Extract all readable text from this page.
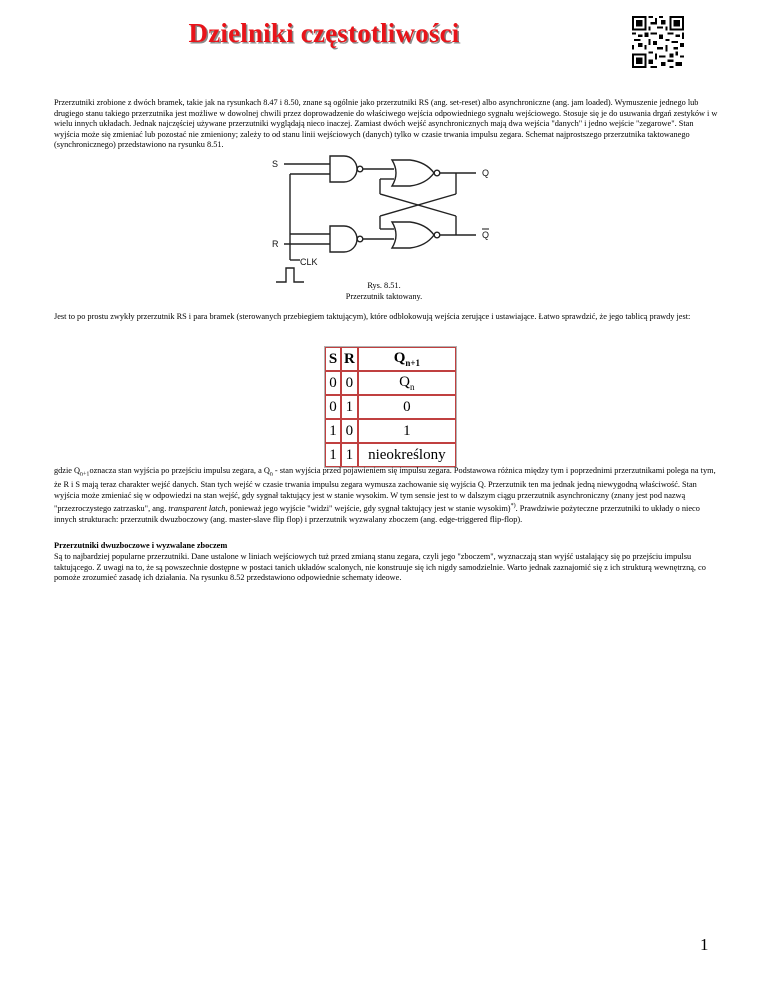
Dzielniki częstotliwości

Przerzutniki zrobione z dwóch bramek, takie jak na rysunkach 8.47 i 8.50, znane są ogólnie jako przerzutniki RS (ang. set-reset) albo asynchroniczne (ang. jam loaded). Wymuszenie jednego lub drugiego stanu takiego przerzutnika jest możliwe w dowolnej chwili przez doprowadzenie do właściwego wejścia odpowiedniego sygnału wejściowego. Stosuje się je do usuwania drgań zestyków i w wielu innych układach. Jednak najczęściej używane przerzutniki wyglądają nieco inaczej. Zamiast dwóch wejść asynchronicznych mają dwa wejścia "danych" i jedno wejście "zegarowe". Stan wyjścia może się zmieniać lub pozostać nie zmieniony; zależy to od stanu linii wejściowych (danych) tylko w czasie trwania impulsu zegara. Schemat najprostszego przerzutnika taktowanego (synchronicznego) przedstawiono na rysunku 8.51.

S
R
Q
Q
CLK
Rys. 8.51.
Przerzutnik taktowany.

Jest to po prostu zwykły przerzutnik RS i para bramek (sterowanych przebiegiem taktującym), które odblokowują wejścia zerujące i ustawiające. Łatwo sprawdzić, że jego tablicą prawdy jest:

S	R	$Q_{n+1}$
0	0	$Q_n$
0	1	0
1	0	1
1	1	nieokreślony

gdzie $Q_{n+1}oznacza$ stan wyjścia po przejściu impulsu zegara, a $Q_n$ - stan wyjścia przed pojawieniem się impulsu zegara. Podstawowa różnica między tym i poprzednimi przerzutnikami polega na tym, że R i S mają teraz charakter wejść danych. Stan tych wejść w czasie trwania impulsu zegara wymusza zachowanie się wyjścia Q. Przerzutnik ten ma jednak jedną niewygodną właściwość. Stan wyjścia może zmieniać się w odpowiedzi na stan wejść, gdy sygnał taktujący jest w stanie wysokim. W tym sensie jest to w dalszym ciągu przerzutnik asynchroniczny (znany jest pod nazwą "przezroczystego zatrzasku", ang. transparent latch, ponieważ jego wyjście "widzi" wejście, gdy sygnał taktujący jest w stanie wysokim)*). Prawdziwie pożyteczne przerzutniki to układy o nieco innych strukturach: przerzutnik dwuzboczowy (ang. master-slave flip flop) i przerzutnik wyzwalany zboczem (ang. edge-triggered flip-flop).

Przerzutniki dwuzboczowe i wyzwalane zboczem

Są to najbardziej popularne przerzutniki. Dane ustalone w liniach wejściowych tuż przed zmianą stanu zegara, czyli jego "zboczem", wyznaczają stan wyjść ustalający się po przejściu impulsu taktującego. Z uwagi na to, że są powszechnie dostępne w postaci tanich układów scalonych, nie konstruuje się ich nigdy samodzielnie. Warto jednak zaznajomić się z ich strukturą wewnętrzną, co pomoże zrozumieć zasadę ich działania. Na rysunku 8.52 przedstawiono odpowiednie schematy ideowe.

1
